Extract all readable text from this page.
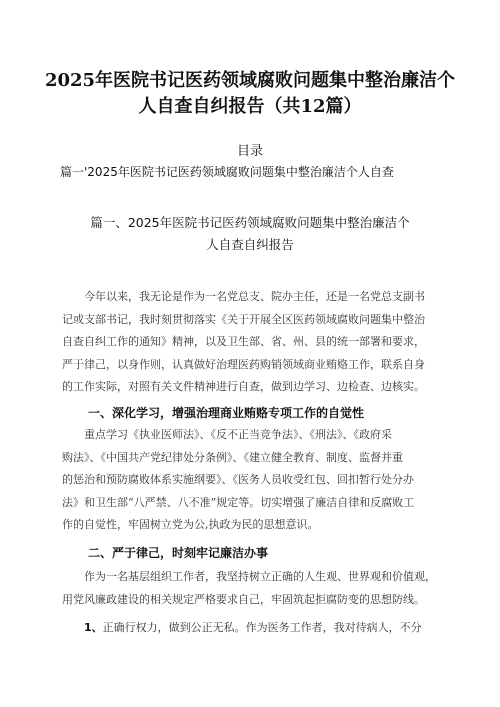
2025年医院书记医药领域腐败问题集中整治廉洁个
人自查自纠报告（共12篇）
目录
篇一'2025年医院书记医药领域腐败问题集中整治廉洁个人自查
篇一、2025年医院书记医药领域腐败问题集中整治廉洁个
人自查自纠报告
今年以来，我无论是作为一名党总支、院办主任，还是一名党总支副书
记或支部书记，我时刻贯彻落实《关于开展全区医药领域腐败问题集中整治
自查自纠工作的通知》精神，以及卫生部、省、州、县的统一部署和要求，
严于律己，以身作则，认真做好治理医药购销领域商业贿赂工作，联系自身
的工作实际，对照有关文件精神进行自查，做到边学习、边检查、边核实。
一、深化学习，增强治理商业贿赂专项工作的自觉性
重点学习《执业医师法》、《反不正当竞争法》、《刑法》、《政府采
购法》、《中国共产党纪律处分条例》、《建立健全教育、制度、监督并重
的惩治和预防腐败体系实施纲要》、《医务人员收受红包、回扣暂行处分办
法》和卫生部“八严禁、八不准”规定等。切实增强了廉洁自律和反腐败工
作的自觉性，牢固树立党为公,执政为民的思想意识。
二、严于律己，时刻牢记廉洁办事
作为一名基层组织工作者，我坚持树立正确的人生观、世界观和价值观，
用党风廉政建设的相关规定严格要求自己，牢固筑起拒腐防变的思想防线。
1、正确行权力，做到公正无私。作为医务工作者，我对待病人，不分
